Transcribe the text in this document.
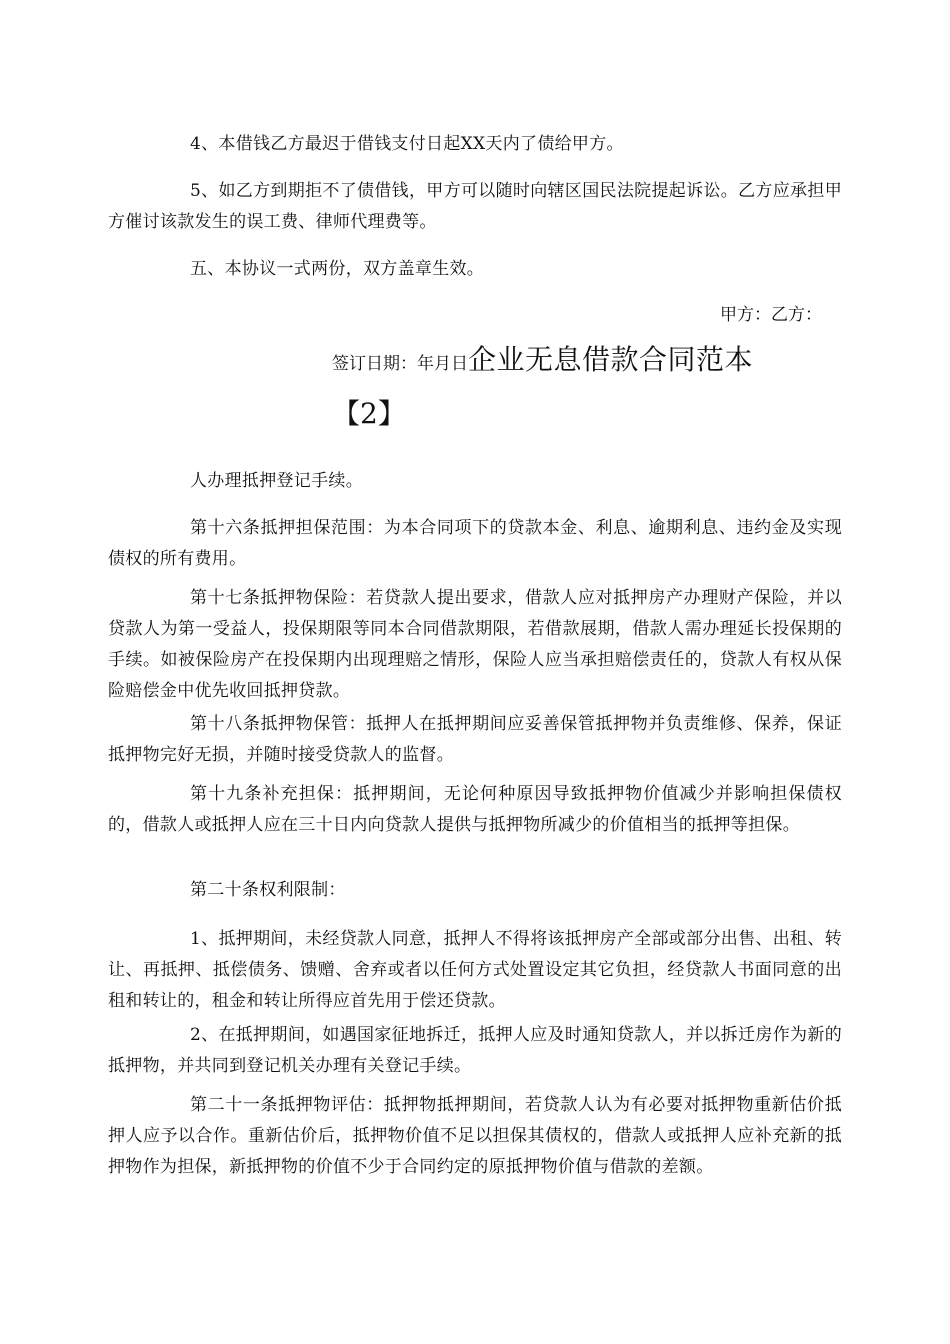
4、本借钱乙方最迟于借钱支付日起XX天内了债给甲方。

5、如乙方到期拒不了债借钱，甲方可以随时向辖区国民法院提起诉讼。乙方应承担甲方催讨该款发生的误工费、律师代理费等。

五、本协议一式两份，双方盖章生效。

甲方：乙方：

签订日期：年月日企业无息借款合同范本

【2】

人办理抵押登记手续。

第十六条抵押担保范围：为本合同项下的贷款本金、利息、逾期利息、违约金及实现债权的所有费用。

第十七条抵押物保险：若贷款人提出要求，借款人应对抵押房产办理财产保险，并以贷款人为第一受益人，投保期限等同本合同借款期限，若借款展期，借款人需办理延长投保期的手续。如被保险房产在投保期内出现理赔之情形，保险人应当承担赔偿责任的，贷款人有权从保险赔偿金中优先收回抵押贷款。

第十八条抵押物保管：抵押人在抵押期间应妥善保管抵押物并负责维修、保养，保证抵押物完好无损，并随时接受贷款人的监督。

第十九条补充担保：抵押期间，无论何种原因导致抵押物价值减少并影响担保债权的，借款人或抵押人应在三十日内向贷款人提供与抵押物所减少的价值相当的抵押等担保。

第二十条权利限制：

1、抵押期间，未经贷款人同意，抵押人不得将该抵押房产全部或部分出售、出租、转让、再抵押、抵偿债务、馈赠、舍弃或者以任何方式处置设定其它负担，经贷款人书面同意的出租和转让的，租金和转让所得应首先用于偿还贷款。

2、在抵押期间，如遇国家征地拆迁，抵押人应及时通知贷款人，并以拆迁房作为新的抵押物，并共同到登记机关办理有关登记手续。

第二十一条抵押物评估：抵押物抵押期间，若贷款人认为有必要对抵押物重新估价抵押人应予以合作。重新估价后，抵押物价值不足以担保其债权的，借款人或抵押人应补充新的抵押物作为担保，新抵押物的价值不少于合同约定的原抵押物价值与借款的差额。
